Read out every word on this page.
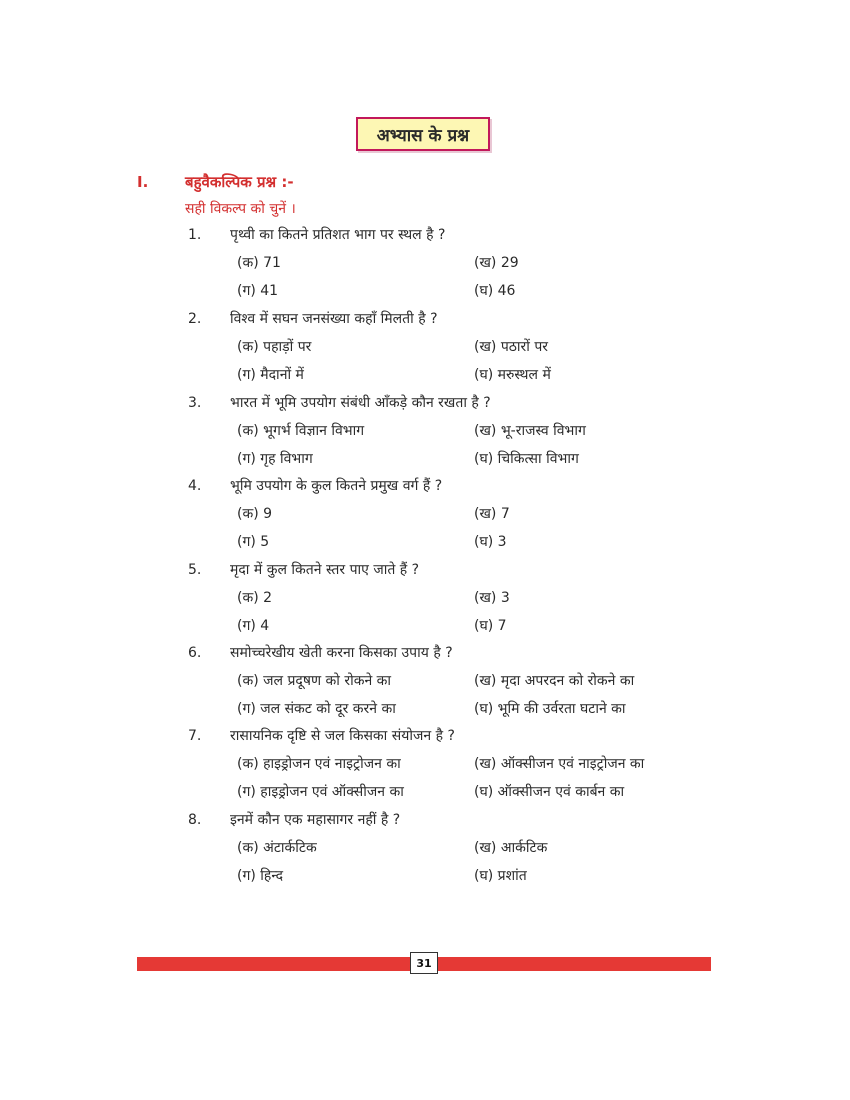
अभ्यास के प्रश्न
I. बहुवैकल्पिक प्रश्न :-
सही विकल्प को चुनें ।
1. पृथ्वी का कितने प्रतिशत भाग पर स्थल है ?
(क) 71	(ख) 29
(ग) 41	(घ) 46
2. विश्व में सघन जनसंख्या कहाँ मिलती है ?
(क) पहाड़ों पर	(ख) पठारों पर
(ग) मैदानों में	(घ) मरुस्थल में
3. भारत में भूमि उपयोग संबंधी आँकड़े कौन रखता है ?
(क) भूगर्भ विज्ञान विभाग	(ख) भू-राजस्व विभाग
(ग) गृह विभाग	(घ) चिकित्सा विभाग
4. भूमि उपयोग के कुल कितने प्रमुख वर्ग हैं ?
(क) 9	(ख) 7
(ग) 5	(घ) 3
5. मृदा में कुल कितने स्तर पाए जाते हैं ?
(क) 2	(ख) 3
(ग) 4	(घ) 7
6. समोच्चरेखीय खेती करना किसका उपाय है ?
(क) जल प्रदूषण को रोकने का	(ख) मृदा अपरदन को रोकने का
(ग) जल संकट को दूर करने का	(घ) भूमि की उर्वरता घटाने का
7. रासायनिक दृष्टि से जल किसका संयोजन है ?
(क) हाइड्रोजन एवं नाइट्रोजन का	(ख) ऑक्सीजन एवं नाइट्रोजन का
(ग) हाइड्रोजन एवं ऑक्सीजन का	(घ) ऑक्सीजन एवं कार्बन का
8. इनमें कौन एक महासागर नहीं है ?
(क) अंटार्कटिक	(ख) आर्कटिक
(ग) हिन्द	(घ) प्रशांत
31
